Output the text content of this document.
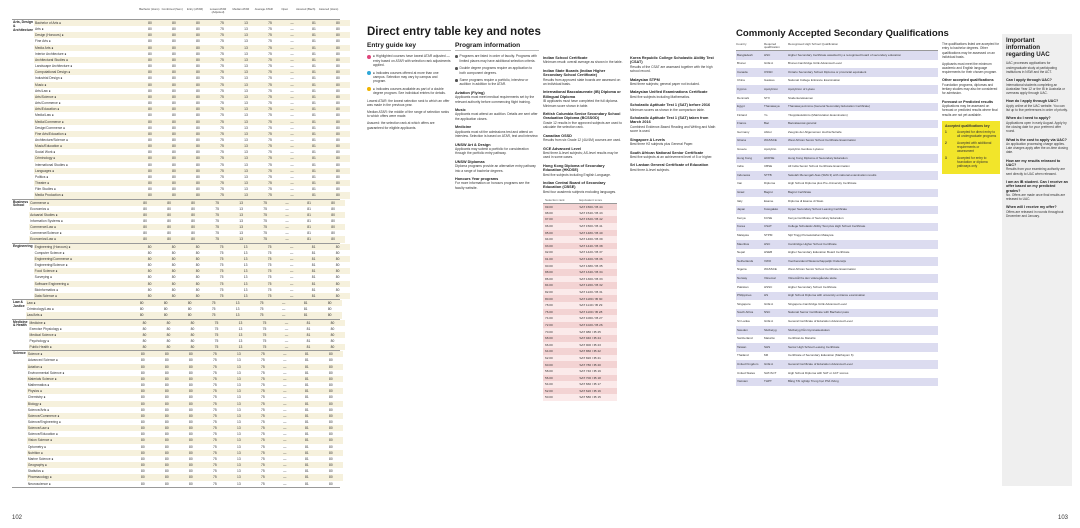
Bachelor (Hons) Combined (Sem)	Entry (ATAR)	Lowest ATAR (Adjusted)
Median ATAR	Average ATAR	Open	Assured (Bach)	Assured (Hons)
Arts, Design & Architecture
Bachelor of Arts ●	80	80	80	75	13	75	—	81	80
Arts ●	80	80	80	75	13	75	—	81	80
Design (Honours) ●	80	80	80	75	13	75	—	81	80
Fine Arts ●	80	80	80	75	13	75	—	81	80
Media Arts ●	80	80	80	75	13	75	—	81	80
Interior Architecture ●	80	80	80	75	13	75	—	81	80
Architectural Studies ●	80	80	80	75	13	75	—	81	80
Landscape Architecture ●	80	80	80	75	13	75	—	81	80
Computational Design ●	80	80	80	75	13	75	—	81	80
Industrial Design ●	80	80	80	75	13	75	—	81	80
Music ●	80	80	80	75	13	75	—	81	80
Arts/Law ●	80	80	80	75	13	75	—	81	80
Arts/Science ●	80	80	80	75	13	75	—	81	80
Arts/Commerce ●	80	80	80	75	13	75	—	81	80
Arts/Education ●	80	80	80	75	13	75	—	81	80
Media/Law ●	80	80	80	75	13	75	—	81	80
Media/Commerce ●	80	80	80	75	13	75	—	81	80
Design/Commerce ●	80	80	80	75	13	75	—	81	80
Fine Arts/Education ●	80	80	80	75	13	75	—	81	80
Architecture/Science ●	80	80	80	75	13	75	—	81	80
Music/Education ●	80	80	80	75	13	75	—	81	80
Social Work ●	80	80	80	75	13	75	—	81	80
Criminology ●	80	80	80	75	13	75	—	81	80
International Studies ●	80	80	80	75	13	75	—	81	80
Languages ●	80	80	80	75	13	75	—	81	80
Politics ●	80	80	80	75	13	75	—	81	80
Theatre ●	80	80	80	75	13	75	—	81	80
Film Studies ●	80	80	80	75	13	75	—	81	80
Media Production ●	80	80	80	75	13	75	—	81	80
Business School
Commerce ●	80	80	80	75	13	75	—	81	80
Economics ●	80	80	80	75	13	75	—	81	80
Actuarial Studies ●	80	80	80	75	13	75	—	81	80
Information Systems ●	80	80	80	75	13	75	—	81	80
Commerce/Law ●	80	80	80	75	13	75	—	81	80
Commerce/Science ●	80	80	80	75	13	75	—	81	80
Economics/Law ●	80	80	80	75	13	75	—	81	80
Engineering Engineering (Honours) ●	80	80	80	75	13	75	—	81	80
Computer Science ●	80	80	80	75	13	75	—	81	80
Engineering/Commerce ●	80	80	80	75	13	75	—	81	80
Engineering/Science ●	80	80	80	75	13	75	—	81	80
Food Science ●	80	80	80	75	13	75	—	81	80
Surveying ●	80	80	80	75	13	75	—	81	80
Software Engineering ●	80	80	80	75	13	75	—	81	80
Bioinformatics ●	80	80	80	75	13	75	—	81	80
Data Science ●	80	80	80	75	13	75	—	81	80
Law & Justice
Law ●	80	80	80	75	13	75	—	81	80
Criminology/Law ●	80	80	80	75	13	75	—	81	80
Law/Arts ●	80	80	80	75	13	75	—	81	80
Medicine & Health
Medicine ●	80	80	80	75	13	75	—	81	80
Exercise Physiology ●	80	80	80	75	13	75	—	81	80
Medical Science ●	80	80	80	75	13	75	—	81	80
Psychology ●	80	80	80	75	13	75	—	81	80
Public Health ●	80	80	80	75	13	75	—	81	80
Science Science ●	80	80	80	75	13	75	—	81	80
Advanced Science ●	80	80	80	75	13	75	—	81	80
Aviation ●	80	80	80	75	13	75	—	81	80
Environmental Science ●	80	80	80	75	13	75	—	81	80
Materials Science ●	80	80	80	75	13	75	—	81	80
Mathematics ●	80	80	80	75	13	75	—	81	80
Physics ●	80	80	80	75	13	75	—	81	80
Chemistry ●	80	80	80	75	13	75	—	81	80
Biology ●	80	80	80	75	13	75	—	81	80
Science/Arts ●	80	80	80	75	13	75	—	81	80
Science/Commerce ●	80	80	80	75	13	75	—	81	80
Science/Engineering ●	80	80	80	75	13	75	—	81	80
Science/Law ●	80	80	80	75	13	75	—	81	80
Science/Education ●	80	80	80	75	13	75	—	81	80
Vision Science ●	80	80	80	75	13	75	—	81	80
Optometry ●	80	80	80	75	13	75	—	81	80
Nutrition ●	80	80	80	75	13	75	—	81	80
Marine Science ●	80	80	80	75	13	75	—	81	80
Geography ●	80	80	80	75	13	75	—	81	80
Statistics ●	80	80	80	75	13	75	—	81	80
Pharmacology ●	80	80	80	75	13	75	—	81	80
Neuroscience ●	80	80	80	75	13	75	—	81	80
102
Direct entry table key and notes
Entry guide key
● Highlighted courses have lowest ATAR adjusted — entry based on ATAR with selection rank adjustments applied.
● Indicates courses offered at more than one campus. Selection may vary by campus and program.
● Indicates courses available as part of a double degree program. See individual entries for details.

Lowest ATAR: the lowest selection rank to which an offer was made in the previous year.

Median ATAR: the middle of the range of selection ranks to which offers were made.

Assured: the selection rank at which offers are guaranteed for eligible applicants.

Program information
Programs are listed in order of faculty. Programs with limited places may have additional selection criteria.
Double degree programs require an application to both component degrees.
Some programs require a portfolio, interview or audition in addition to the ATAR.
Aviation (Flying)

Applicants must meet medical requirements set by the relevant authority before commencing flight training.

Music

Applicants must attend an audition. Details are sent after the application closes.

Medicine

Applicants must sit the admissions test and attend an interview. Selection is based on ATAR, test and interview.

UNSW Art & Design

Applicants may submit a portfolio for consideration through the portfolio entry pathway.

UNSW Diplomas

Diploma programs provide an alternative entry pathway into a range of bachelor degrees.

Honours Year programs

For more information on honours programs see the faculty website.

Indian School Certificate

Minimum result: overall average as shown in the table.

Indian State Boards (Indian Higher Secondary School Certificate)

Results from approved state boards are assessed on an individual basis.

International Baccalaureate (IB) Diploma or Bilingual Diploma

IB applicants must have completed the full diploma. Minimum score shown in table.

British Columbia Senior Secondary School Graduation Diploma (BCSSGD)

Grade 12 results in five approved subjects are used to calculate the selection rank.

Canadian OSSD

Results from six Grade 12 (4U/4M) courses are used.

GCE Advanced Level

Best three A-level subjects; AS-level results may be used in some cases.

Hong Kong Diploma of Secondary Education (HKDSE)

Best five subjects including English Language.

Indian Central Board of Secondary Education (CBSE)

Best four academic subjects excluding languages.

Selection rank	Equivalent score
99.00	SAT 1560 / IB 44
98.00	SAT 1540 / IB 43
97.00	SAT 1520 / IB 42
96.00	SAT 1500 / IB 41
95.00	SAT 1480 / IB 40
94.00	SAT 1460 / IB 39
93.00	SAT 1440 / IB 38
92.00	SAT 1420 / IB 37
91.00	SAT 1400 / IB 36
90.00	SAT 1380 / IB 35
88.00	SAT 1340 / IB 34
86.00	SAT 1300 / IB 33
84.00	SAT 1260 / IB 32
82.00	SAT 1220 / IB 31
80.00	SAT 1180 / IB 30
78.00	SAT 1140 / IB 29
76.00	SAT 1100 / IB 28
74.00	SAT 1060 / IB 27
72.00	SAT 1020 / IB 26
70.00	SAT 980 / IB 25
68.00	SAT 940 / IB 24
66.00	SAT 900 / IB 23
64.00	SAT 860 / IB 22
62.00	SAT 820 / IB 21
60.00	SAT 780 / IB 20
58.00	SAT 740 / IB 19
56.00	SAT 700 / IB 18
54.00	SAT 660 / IB 17
52.00	SAT 620 / IB 16
50.00	SAT 580 / IB 15
Korea Republic College Scholastic Ability Test (CSAT)

Results of the CSAT are assessed together with the high school record.

Malaysian STPM

Best three subjects; general paper not included.

Malaysian Unified Examinations Certificate

Best five subjects including Mathematics.

Scholastic Aptitude Test 1 (SAT) before 2016

Minimum scores as shown in the comparison table.

Scholastic Aptitude Test 1 (SAT) taken from March 2016

Combined Evidence-Based Reading and Writing and Math score is used.

Singapore A Levels

Best three H2 subjects plus General Paper.

South African National Senior Certificate

Best five subjects at an achievement level of 5 or higher.

Sri Lankan General Certificate of Education

Best three A-level subjects.

Commonly Accepted Secondary Qualifications
Country	Required qualification
Recognised High School Qualification
Bangladesh	HSC	Higher Secondary Certificate awarded by a recognised board of secondary education
Brunei	GCE A	Brunei-Cambridge GCE Advanced Level
Canada	OSSD	Ontario Secondary School Diploma or provincial equivalent
China	Gaokao	National College Entrance Examination
Cyprus	Apolytirion	Apolytirion of Lykeio
Denmark	STX	Studentereksamen
Egypt	Thanaweya	Thanaweya Amma (General Secondary Education Certificate)
Finland	Yo	Ylioppilastutkinto (Matriculation Examination)
France	Bac	Baccalauréat général
Germany	Abitur	Zeugnis der Allgemeinen Hochschulreife
Ghana	WASSCE	West African Senior School Certificate Examination
Greece	Apolytirio	Apolytirio Genikou Lykeiou
Hong Kong	HKDSE	Hong Kong Diploma of Secondary Education
India	CBSE	All India Senior School Certificate Examination
Indonesia	STTB	Sekolah Menengah Atas (SMA 3) with national examination results
Iran	Diploma	High School Diploma plus Pre-University Certificate
Israel	Bagrut	Bagrut Certificate
Italy	Esame	Diploma di Esame di Stato
Japan	Kotogakko	Upper Secondary School Leaving Certificate
Kenya	KCSE	Kenya Certificate of Secondary Education
Korea	CSAT	College Scholastic Ability Test plus High School Certificate
Malaysia	STPM	Sijil Tinggi Persekolahan Malaysia
Mauritius	HSC	Cambridge Higher School Certificate
Nepal	HSEB	Higher Secondary Education Board Certificate
Netherlands	VWO	Voorbereidend Wetenschappelijk Onderwijs
Nigeria	WASSCE	West African Senior School Certificate Examination
Norway	Vitnemal	Vitnemål fra den videregående skole
Pakistan	HSSC	Higher Secondary School Certificate
Philippines	HS	High School Diploma with university entrance examination
Singapore	GCE A	Singapore-Cambridge GCE Advanced Level
South Africa	NSC	National Senior Certificate with Bachelor pass
Sri Lanka	GCE A	General Certificate of Education Advanced Level
Sweden	Slutbetyg	Slutbetyg från Gymnasieskolan
Switzerland	Maturité	Certificat de Maturité
Taiwan	SHS	Senior High School Leaving Certificate
Thailand	M6	Certificate of Secondary Education (Mathayom 6)
United Kingdom	GCE A	General Certificate of Education Advanced Level
United States	SAT/ACT	High School Diploma with SAT or ACT scores
Vietnam	THPT	Bằng Tốt nghiệp Trung học Phổ thông

The qualifications listed are accepted for entry to bachelor degrees. Other qualifications may be assessed on an individual basis.

Applicants must meet the minimum academic and English language requirements for their chosen program.

Other accepted qualifications

Foundation programs, diplomas and tertiary studies may also be considered for admission.

Forecast or Predicted results

Applications may be assessed on forecast or predicted results where final results are not yet available.

Accepted qualifications key
1	Accepted for direct entry to all undergraduate programs
2	Accepted with additional requirements or assessment
3	Accepted for entry to foundation or diploma pathways only
Important information regarding UAC

UAC processes applications for undergraduate study at participating institutions in NSW and the ACT.

Can I apply through UAC?

International students completing an Australian Year 12 or the IB in Australia or overseas apply through UAC.

How do I apply through UAC?

Apply online at the UAC website. You can list up to five preferences in order of priority.

When do I need to apply?

Applications open in early August. Apply by the closing date for your preferred offer round.

What is the cost to apply via UAC?

An application processing charge applies. Late charges apply after the on-time closing date.

How are my results released to UAC?

Results from your examining authority are sent directly to UAC when released.

I am an IB student. Can I receive an offer based on my predicted grades?

No. Offers are made once final results are released to UAC.

When will I receive my offer?

Offers are released in rounds throughout December and January.

103
